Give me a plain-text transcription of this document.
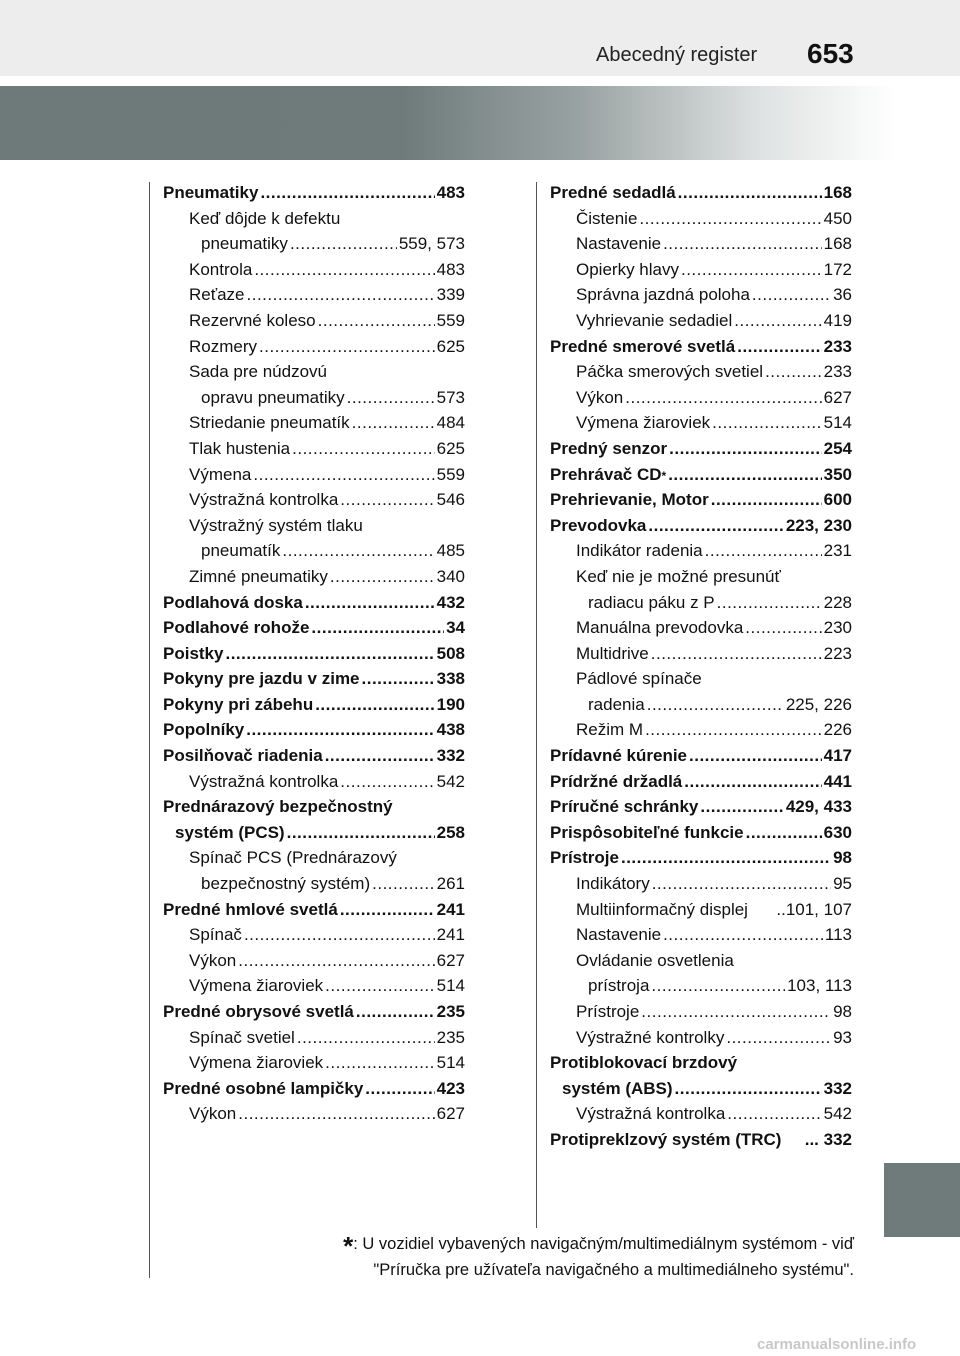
Abecedný register 653
Pneumatiky .....	483
Keď dôjde k defektu
pneumatiky .....	559, 573
Kontrola .....	483
Reťaze .....	339
Rezervné koleso .....	559
Rozmery .....	625
Sada pre núdzovú
opravu pneumatiky .....	573
Striedanie pneumatík .....	484
Tlak hustenia .....	625
Výmena .....	559
Výstražná kontrolka .....	546
Výstražný systém tlaku
pneumatík .....	485
Zimné pneumatiky .....	340
Podlahová doska .....	432
Podlahové rohože .....	34
Poistky .....	508
Pokyny pre jazdu v zime .....	338
Pokyny pri zábehu .....	190
Popolníky .....	438
Posilňovač riadenia .....	332
Výstražná kontrolka .....	542
Prednárazový bezpečnostný
systém (PCS) .....	258
Spínač PCS (Prednárazový
bezpečnostný systém) .....	261
Predné hmlové svetlá .....	241
Spínač .....	241
Výkon .....	627
Výmena žiaroviek .....	514
Predné obrysové svetlá .....	235
Spínač svetiel .....	235
Výmena žiaroviek .....	514
Predné osobné lampičky .....	423
Výkon .....	627
Predné sedadlá .....	168
Čistenie .....	450
Nastavenie .....	168
Opierky hlavy .....	172
Správna jazdná poloha .....	36
Vyhrievanie sedadiel .....	419
Predné smerové svetlá .....	233
Páčka smerových svetiel .....	233
Výkon .....	627
Výmena žiaroviek .....	514
Predný senzor .....	254
Prehrávač CD * .....	350
Prehrievanie, Motor .....	600
Prevodovka .....	223, 230
Indikátor radenia .....	231
Keď nie je možné presunúť
radiacu páku z P .....	228
Manuálna prevodovka .....	230
Multidrive .....	223
Pádlové spínače
radenia .....	225, 226
Režim M .....	226
Prídavné kúrenie .....	417
Prídržné držadlá .....	441
Príručné schránky .....	429, 433
Prispôsobiteľné funkcie .....	630
Prístroje .....	98
Indikátory .....	95
Multiinformačný displej ..101, 107
Nastavenie .....	113
Ovládanie osvetlenia
prístroja .....	103, 113
Prístroje .....	98
Výstražné kontrolky .....	93
Protiblokovací brzdový
systém (ABS) .....	332
Výstražná kontrolka .....	542
Protipreklzový systém (TRC) ... 332
*: U vozidiel vybavených navigačným/multimediálnym systémom - viď
"Príručka pre užívateľa navigačného a multimediálneho systému".
carmanualsonline.info
